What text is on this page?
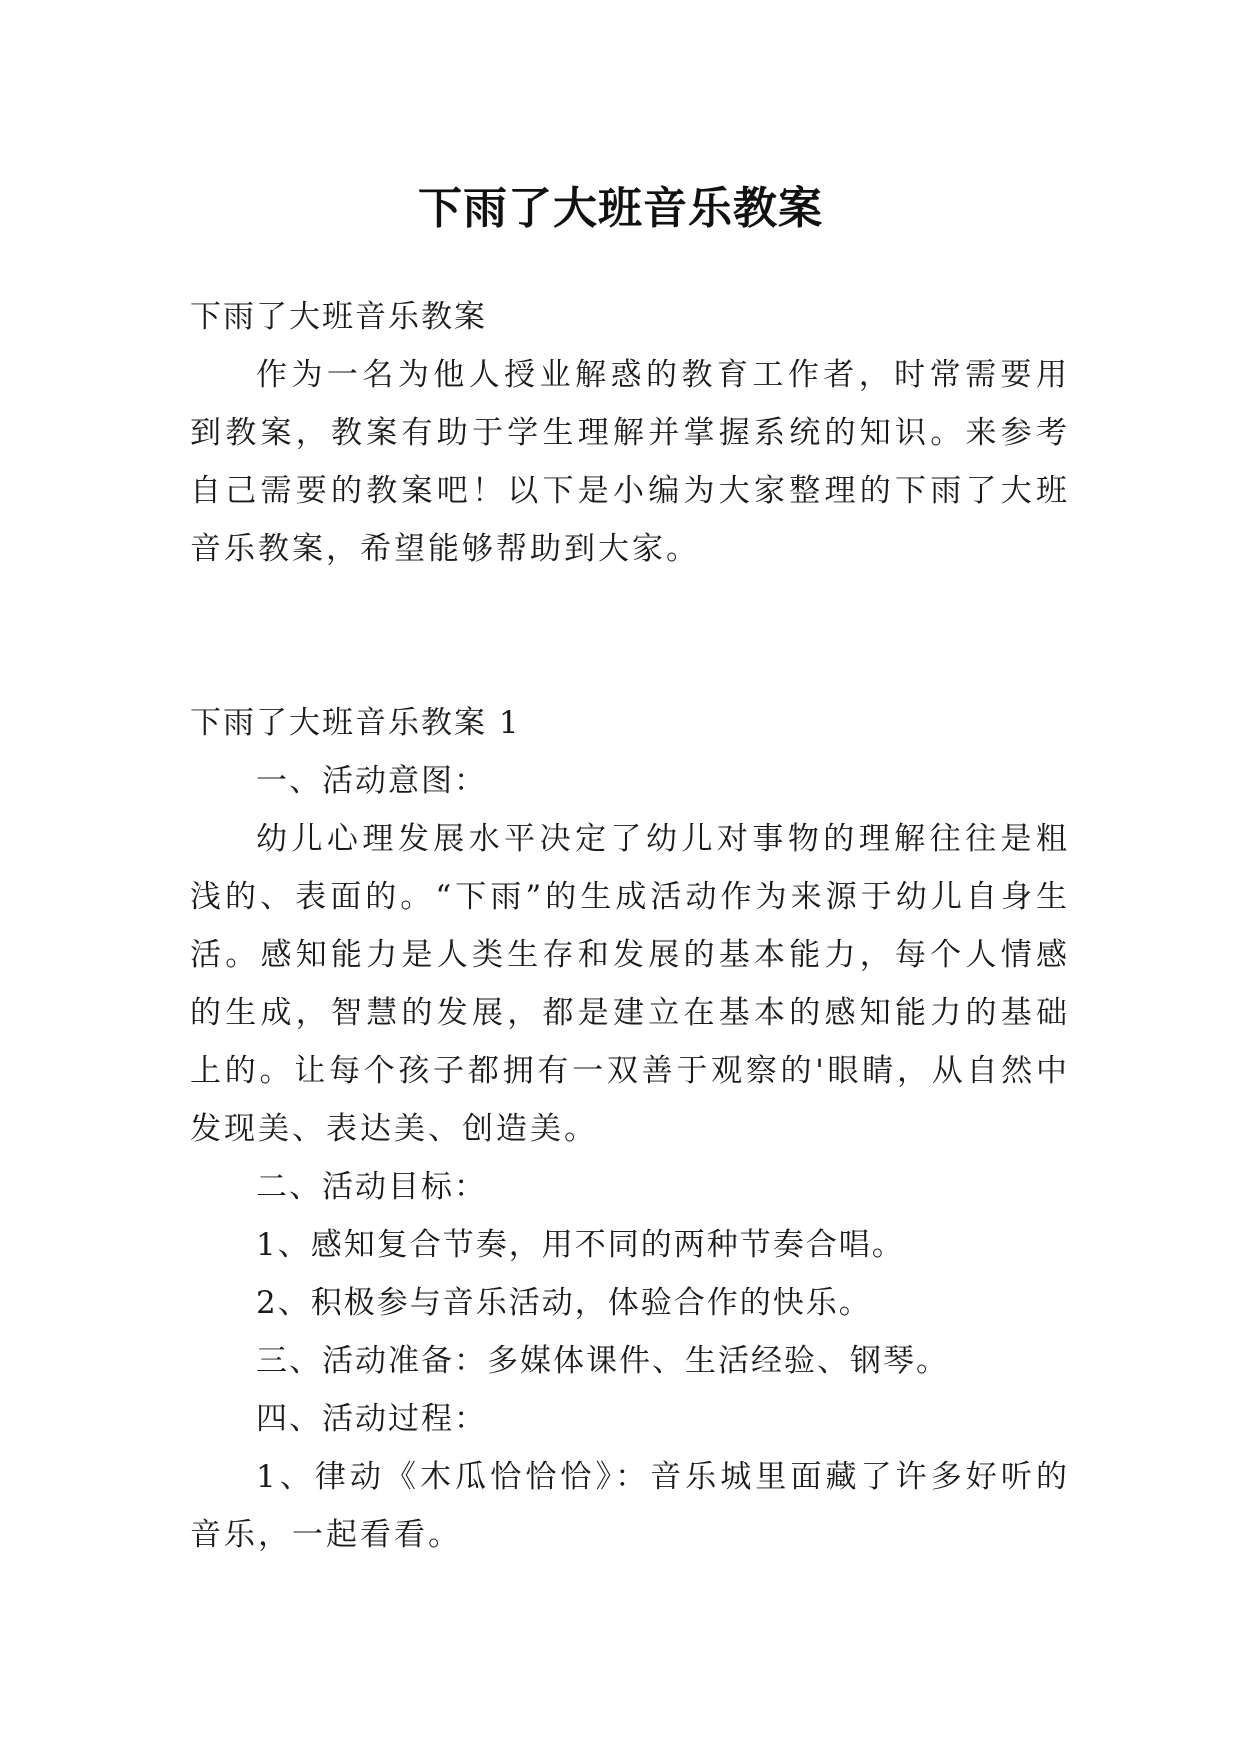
下雨了大班音乐教案

下雨了大班音乐教案

作为一名为他人授业解惑的教育工作者，时常需要用到教案，教案有助于学生理解并掌握系统的知识。来参考自己需要的教案吧！以下是小编为大家整理的下雨了大班音乐教案，希望能够帮助到大家。

下雨了大班音乐教案 1

一、活动意图：

幼儿心理发展水平决定了幼儿对事物的理解往往是粗浅的、表面的。“下雨”的生成活动作为来源于幼儿自身生活。感知能力是人类生存和发展的基本能力，每个人情感的生成，智慧的发展，都是建立在基本的感知能力的基础上的。让每个孩子都拥有一双善于观察的'眼睛，从自然中发现美、表达美、创造美。

二、活动目标：

1、感知复合节奏，用不同的两种节奏合唱。

2、积极参与音乐活动，体验合作的快乐。

三、活动准备：多媒体课件、生活经验、钢琴。

四、活动过程：

1、律动《木瓜恰恰恰》：音乐城里面藏了许多好听的音乐，一起看看。
